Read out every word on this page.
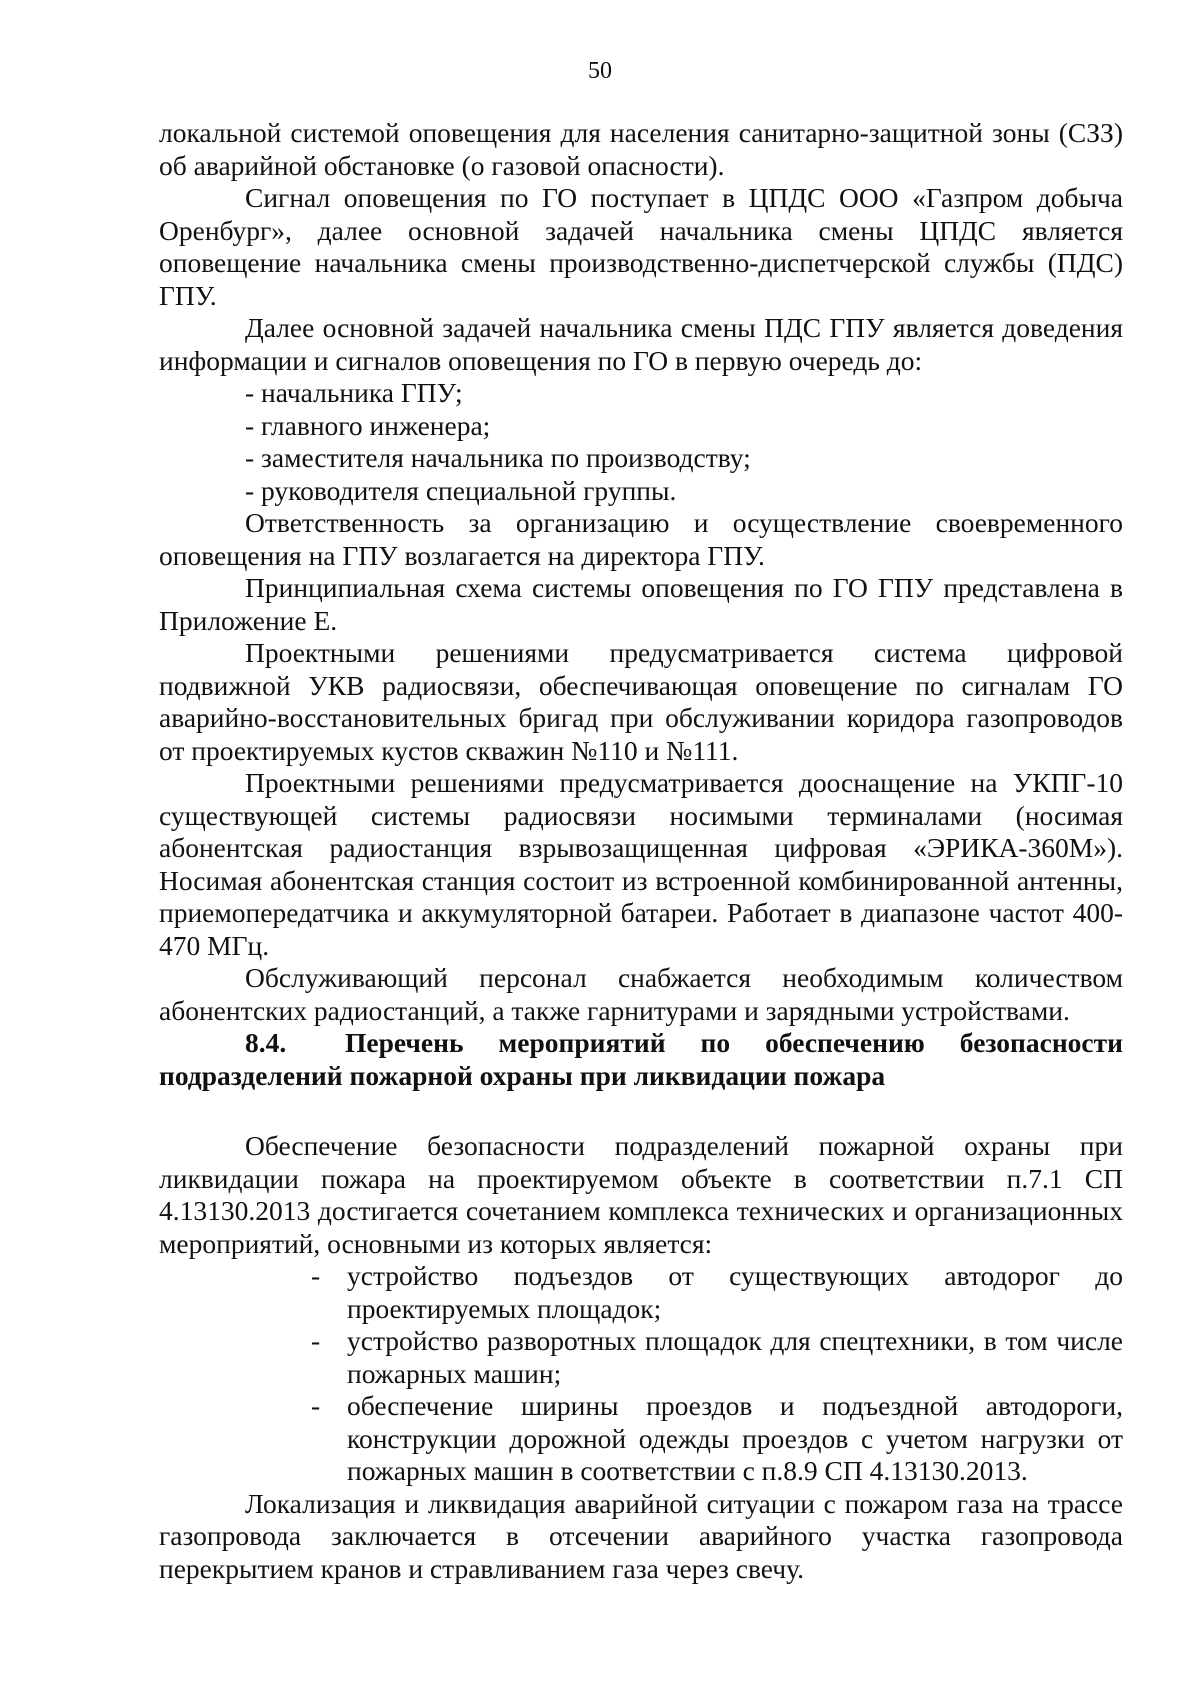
50

локальной системой оповещения для населения санитарно-защитной зоны (СЗЗ) об аварийной обстановке (о газовой опасности).

Сигнал оповещения по ГО поступает в ЦПДС ООО «Газпром добыча Оренбург», далее основной задачей начальника смены ЦПДС является оповещение начальника смены производственно-диспетчерской службы (ПДС) ГПУ.

Далее основной задачей начальника смены ПДС ГПУ является доведения информации и сигналов оповещения по ГО в первую очередь до:

- начальника ГПУ;

- главного инженера;

- заместителя начальника по производству;

- руководителя специальной группы.

Ответственность за организацию и осуществление своевременного оповещения на ГПУ возлагается на директора ГПУ.

Принципиальная схема системы оповещения по ГО ГПУ представлена в Приложение Е.

Проектными решениями предусматривается система цифровой подвижной УКВ радиосвязи, обеспечивающая оповещение по сигналам ГО аварийно-восстановительных бригад при обслуживании коридора газопроводов от проектируемых кустов скважин №110 и №111.

Проектными решениями предусматривается дооснащение на УКПГ-10 существующей системы радиосвязи носимыми терминалами (носимая абонентская радиостанция взрывозащищенная цифровая «ЭРИКА-360М»). Носимая абонентская станция состоит из встроенной комбинированной антенны, приемопередатчика и аккумуляторной батареи. Работает в диапазоне частот 400-470 МГц.

Обслуживающий персонал снабжается необходимым количеством абонентских радиостанций, а также гарнитурами и зарядными устройствами.

8.4. Перечень мероприятий по обеспечению безопасности подразделений пожарной охраны при ликвидации пожара

Обеспечение безопасности подразделений пожарной охраны при ликвидации пожара на проектируемом объекте в соответствии п.7.1 СП 4.13130.2013 достигается сочетанием комплекса технических и организационных мероприятий, основными из которых является:

- устройство подъездов от существующих автодорог до проектируемых площадок;
- устройство разворотных площадок для спецтехники, в том числе пожарных машин;
- обеспечение ширины проездов и подъездной автодороги, конструкции дорожной одежды проездов с учетом нагрузки от пожарных машин в соответствии с п.8.9 СП 4.13130.2013.

Локализация и ликвидация аварийной ситуации с пожаром газа на трассе газопровода заключается в отсечении аварийного участка газопровода перекрытием кранов и стравливанием газа через свечу.
